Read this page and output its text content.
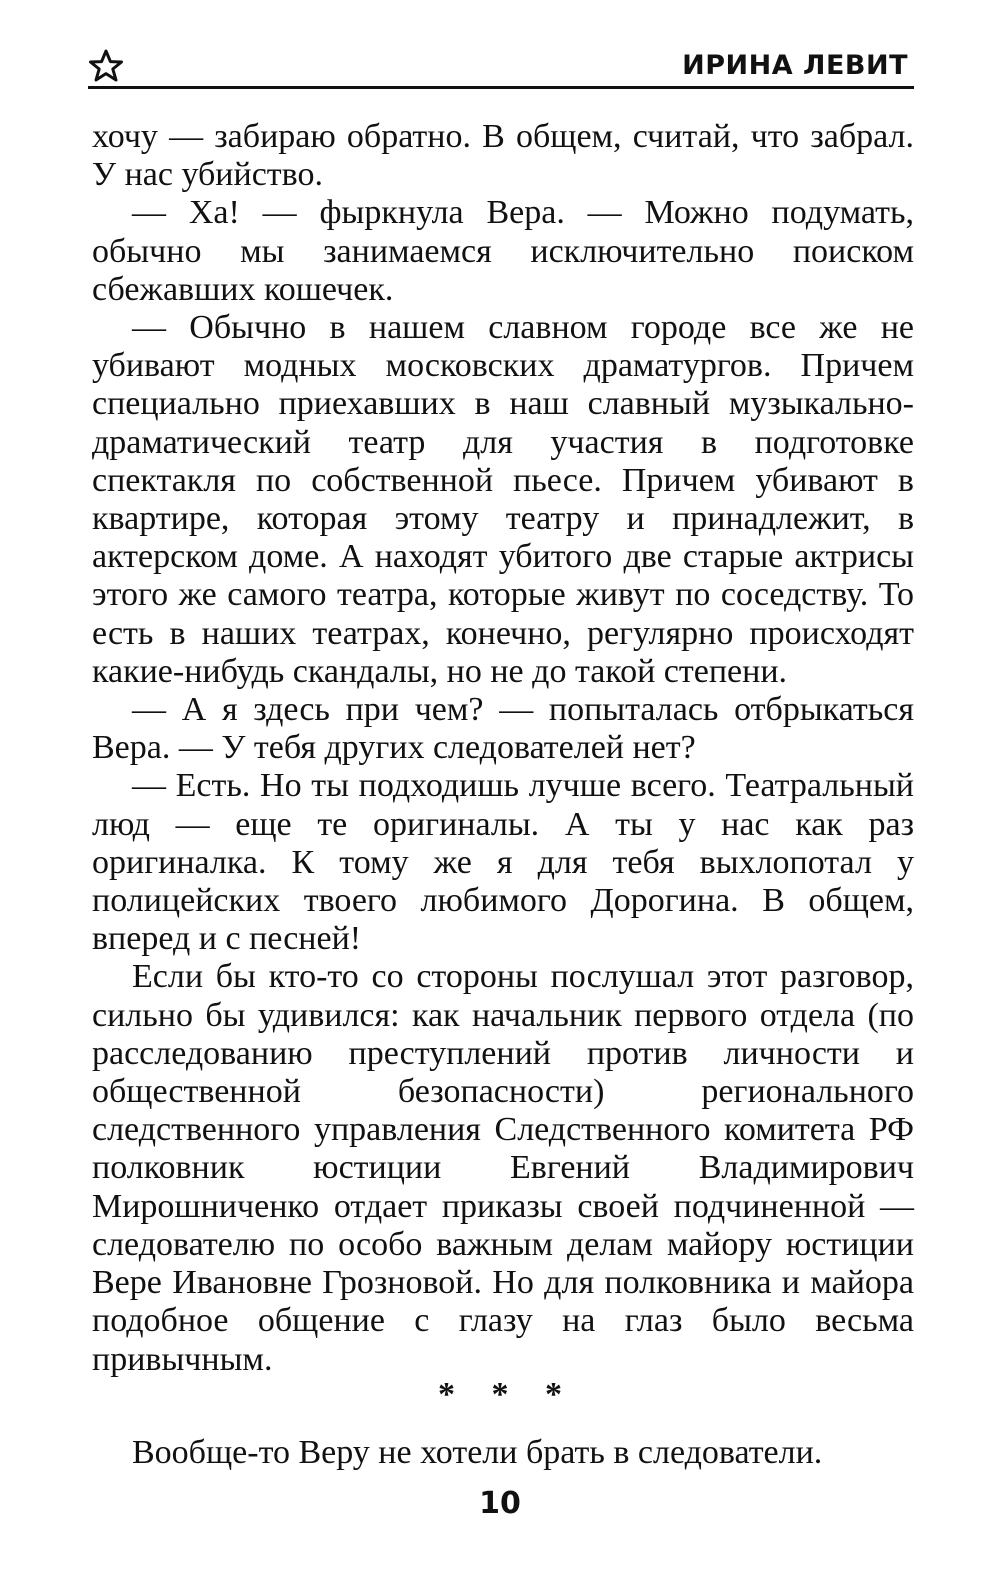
ИРИНА ЛЕВИТ

хочу — забираю обратно. В общем, считай, что забрал. У нас убийство.

— Ха! — фыркнула Вера. — Можно подумать, обычно мы занимаемся исключительно поиском сбежавших кошечек.

— Обычно в нашем славном городе все же не убивают модных московских драматургов. Причем специально приехавших в наш славный музыкально-драматический театр для участия в подготовке спектакля по собственной пьесе. Причем убивают в квартире, которая этому театру и принадлежит, в актерском доме. А находят убитого две старые актрисы этого же самого театра, которые живут по соседству. То есть в наших театрах, конечно, регулярно происходят какие-нибудь скандалы, но не до такой степени.

— А я здесь при чем? — попыталась отбрыкаться Вера. — У тебя других следователей нет?

— Есть. Но ты подходишь лучше всего. Театральный люд — еще те оригиналы. А ты у нас как раз оригиналка. К тому же я для тебя выхлопотал у полицейских твоего любимого Дорогина. В общем, вперед и с песней!

Если бы кто-то со стороны послушал этот разговор, сильно бы удивился: как начальник первого отдела (по расследованию преступлений против личности и общественной безопасности) регионального следственного управления Следственного комитета РФ полковник юстиции Евгений Владимирович Мирошниченко отдает приказы своей подчиненной — следователю по особо важным делам майору юстиции Вере Ивановне Грозновой. Но для полковника и майора подобное общение с глазу на глаз было весьма привычным.

* * *
Вообще-то Веру не хотели брать в следователи.
10
